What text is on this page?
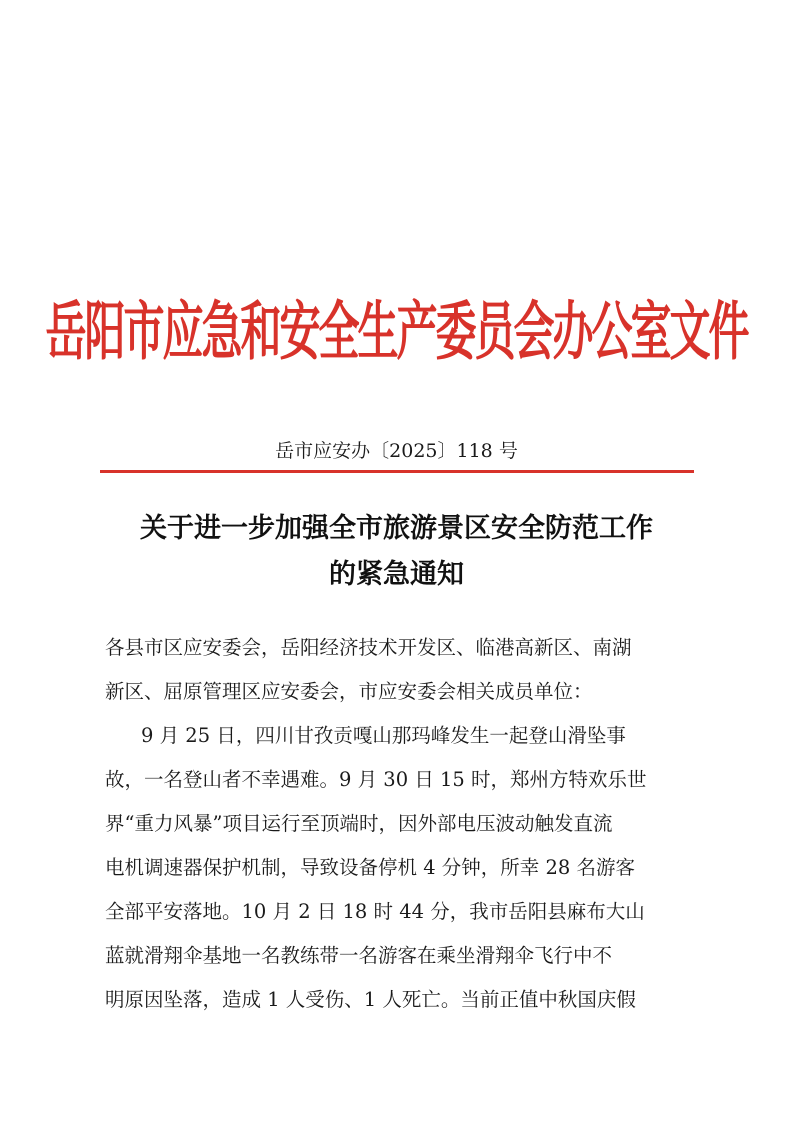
岳阳市应急和安全生产委员会办公室文件
岳市应安办〔2025〕118 号
关于进一步加强全市旅游景区安全防范工作
的紧急通知
各县市区应安委会，岳阳经济技术开发区、临港高新区、南湖
新区、屈原管理区应安委会，市应安委会相关成员单位：
9 月 25 日，四川甘孜贡嘎山那玛峰发生一起登山滑坠事
故，一名登山者不幸遇难。9 月 30 日 15 时，郑州方特欢乐世
界“重力风暴”项目运行至顶端时，因外部电压波动触发直流
电机调速器保护机制，导致设备停机 4 分钟，所幸 28 名游客
全部平安落地。10 月 2 日 18 时 44 分，我市岳阳县麻布大山
蓝就滑翔伞基地一名教练带一名游客在乘坐滑翔伞飞行中不
明原因坠落，造成 1 人受伤、1 人死亡。当前正值中秋国庆假
